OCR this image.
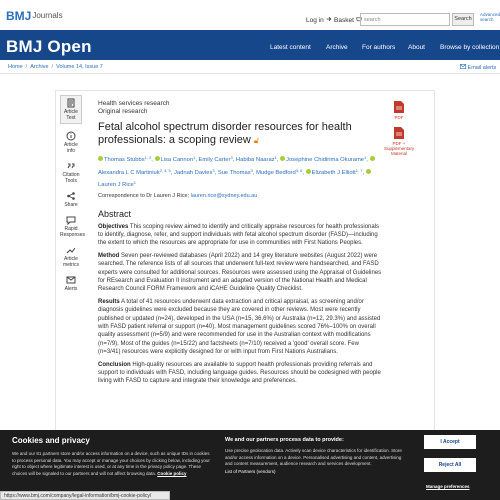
BMJJournals
Log in	Basket	search	Search
Advanced search
BMJ Open	Latest content Archive For authors About Browse by collection
Home / Archive / Volume 14, Issue 7	Email alerts
Article Text
Article info
Citation Tools
Share
Rapid Responses
Article metrics
Alerts
PDF
PDF + Supplementary Material
Health services research
Original research
Fetal alcohol spectrum disorder resources for health professionals: a scoping review 🔓︎
Thomas Stubbs$^{1, 2}$, Lisa Cannon$^1$, Emily Carter$^3$, Habiba Naaraz$^1$, Josephine Chidirima Okurame$^1$, Alexandra L C Martiniuk$^{2, 4, 5}$, Jadnah Davies$^3$, Sue Thomas$^3$, Mudge Bedford$^{3, 6}$, Elizabeth J Elliott$^{1, 7}$, Lauren J Rice$^1$
Correspondence to Dr Lauren J Rice; lauren.rice@sydney.edu.au
Abstract
Objectives This scoping review aimed to identify and critically appraise resources for health professionals to identify, diagnose, refer, and support individuals with fetal alcohol spectrum disorder (FASD)—including the extent to which the resources are appropriate for use in communities with First Nations Peoples.
Method Seven peer-reviewed databases (April 2022) and 14 grey literature websites (August 2022) were searched. The reference lists of all sources that underwent full-text review were handsearched, and FASD experts were consulted for additional sources. Resources were assessed using the Appraisal of Guidelines for REsearch and Evaluation II instrument and an adapted version of the National Health and Medical Research Council FORM Framework and iCAHE Guideline Quality Checklist.
Results A total of 41 resources underwent data extraction and critical appraisal, as screening and/or diagnosis guidelines were excluded because they are covered in other reviews. Most were recently published or updated (n=24), developed in the USA (n=15, 36.6%) or Australia (n=12, 29.3%) and assisted with FASD patient referral or support (n=40). Most management guidelines scored 76%–100% on overall quality assessment (n=5/9) and were recommended for use in the Australian context with modifications (n=7/9). Most of the guides (n=15/22) and factsheets (n=7/10) received a 'good' overall score. Few (n=3/41) resources were explicitly designed for or with input from First Nations Australians.
Conclusion High-quality resources are available to support health professionals providing referrals and support to individuals with FASD, including language guides. Resources should be codesigned with people living with FASD to capture and integrate their knowledge and preferences.
Cookies and privacy
We and our 81 partners store and/or access information on a device, such as unique IDs in cookies to process personal data. You may accept or manage your choices by clicking below, including your right to object where legitimate interest is used, or at any time in the privacy policy page. These choices will be signaled to our partners and will not affect browsing data. Cookie policy
We and our partners process data to provide:
Use precise geolocation data. Actively scan device characteristics for identification. Store and/or access information on a device. Personalised advertising and content, advertising and content measurement, audience research and services development.
List of Partners (vendors)
I Accept
Reject All
Manage preferences
https://www.bmj.com/company/legal-information/bmj-cookie-policy/
